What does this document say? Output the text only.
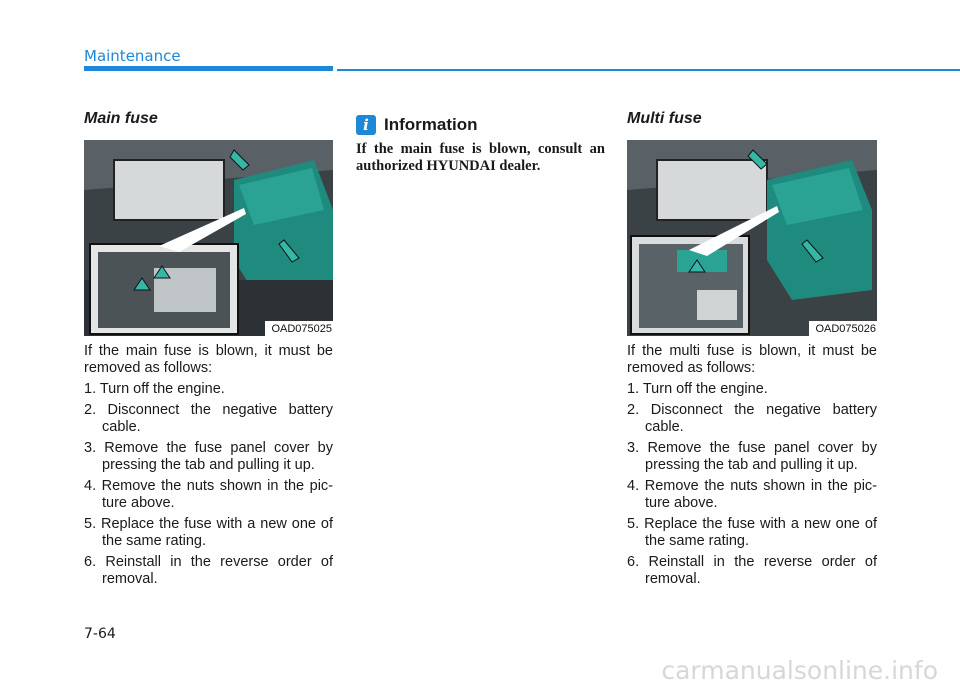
Maintenance
Main fuse
OAD075025

If the main fuse is blown, it must be removed as follows:

1. Turn off the engine.
2. Disconnect the negative battery cable.
3. Remove the fuse panel cover by pressing the tab and pulling it up.
4. Remove the nuts shown in the pic-ture above.
5. Replace the fuse with a new one of the same rating.
6. Reinstall in the reverse order of removal.
i Information
If the main fuse is blown, consult an authorized HYUNDAI dealer.
Multi fuse
OAD075026

If the multi fuse is blown, it must be removed as follows:

1. Turn off the engine.
2. Disconnect the negative battery cable.
3. Remove the fuse panel cover by pressing the tab and pulling it up.
4. Remove the nuts shown in the pic-ture above.
5. Replace the fuse with a new one of the same rating.
6. Reinstall in the reverse order of removal.
7-64
carmanualsonline.info
